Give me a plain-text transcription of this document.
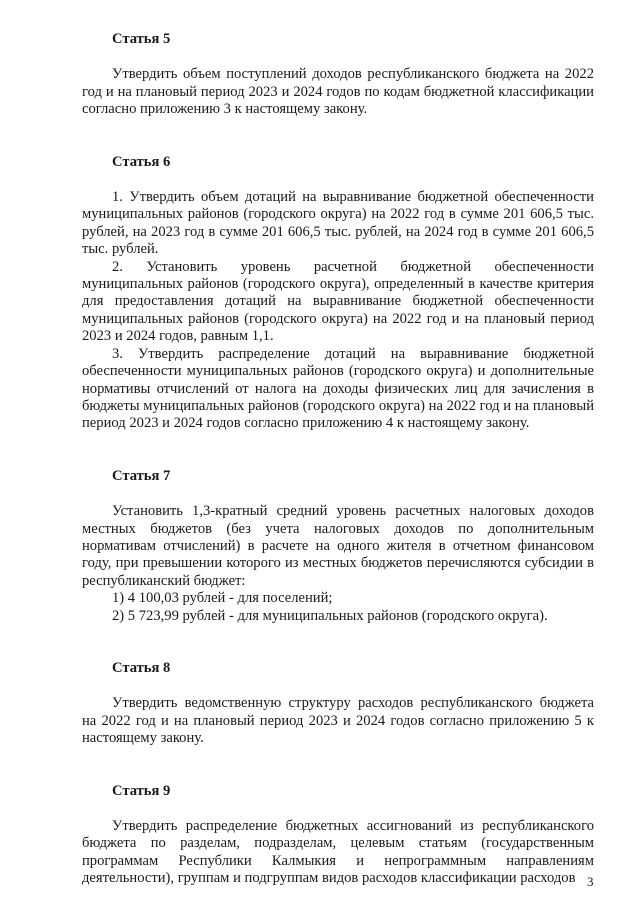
Статья 5

Утвердить объем поступлений доходов республиканского бюджета на 2022 год и на плановый период 2023 и 2024 годов по кодам бюджетной классификации согласно приложению 3 к настоящему закону.

Статья 6

1. Утвердить объем дотаций на выравнивание бюджетной обеспеченности муниципальных районов (городского округа) на 2022 год в сумме 201 606,5 тыс. рублей, на 2023 год в сумме 201 606,5 тыс. рублей, на 2024 год в сумме 201 606,5 тыс. рублей.

2. Установить уровень расчетной бюджетной обеспеченности муниципальных районов (городского округа), определенный в качестве критерия для предоставления дотаций на выравнивание бюджетной обеспеченности муниципальных районов (городского округа) на 2022 год и на плановый период 2023 и 2024 годов, равным 1,1.

3. Утвердить распределение дотаций на выравнивание бюджетной обеспеченности муниципальных районов (городского округа) и дополнительные нормативы отчислений от налога на доходы физических лиц для зачисления в бюджеты муниципальных районов (городского округа) на 2022 год и на плановый период 2023 и 2024 годов согласно приложению 4 к настоящему закону.

Статья 7

Установить 1,3-кратный средний уровень расчетных налоговых доходов местных бюджетов (без учета налоговых доходов по дополнительным нормативам отчислений) в расчете на одного жителя в отчетном финансовом году, при превышении которого из местных бюджетов перечисляются субсидии в республиканский бюджет:

1) 4 100,03 рублей - для поселений;

2) 5 723,99 рублей - для муниципальных районов (городского округа).

Статья 8

Утвердить ведомственную структуру расходов республиканского бюджета на 2022 год и на плановый период 2023 и 2024 годов согласно приложению 5 к настоящему закону.

Статья 9

Утвердить распределение бюджетных ассигнований из республиканского бюджета по разделам, подразделам, целевым статьям (государственным программам Республики Калмыкия и непрограммным направлениям деятельности), группам и подгруппам видов расходов классификации расходов 3
